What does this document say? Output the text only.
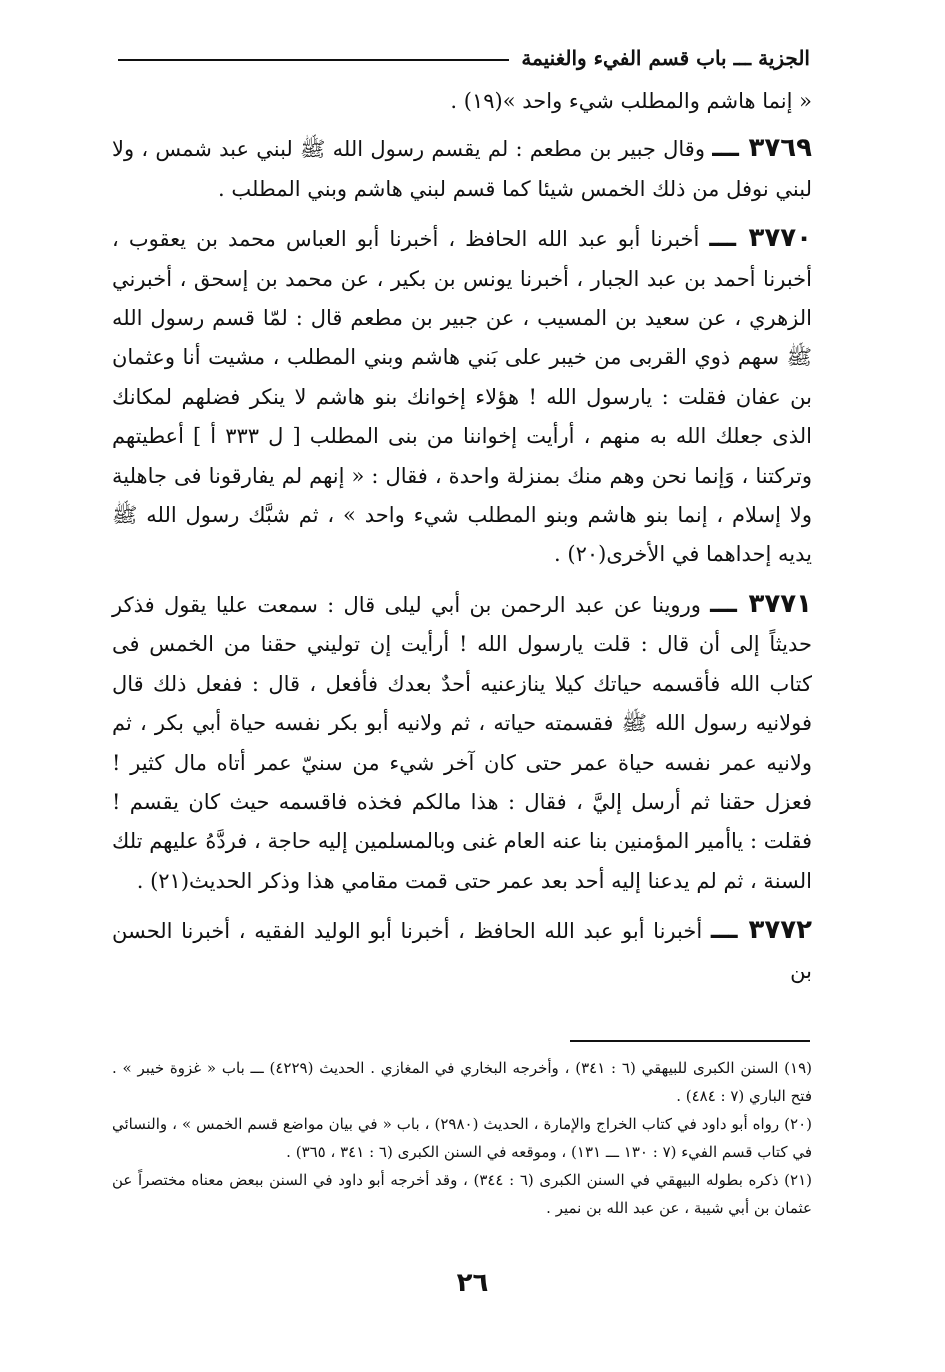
الجزية ـــ باب قسم الفيء والغنيمة

« إنما هاشم والمطلب شيء واحد »(١٩) .

٣٧٦٩ ـــ وقال جبير بن مطعم : لم يقسم رسول الله ﷺ لبني عبد شمس ، ولا لبني نوفل من ذلك الخمس شيئا كما قسم لبني هاشم وبني المطلب .

٣٧٧٠ ـــ أخبرنا أبو عبد الله الحافظ ، أخبرنا أبو العباس محمد بن يعقوب ، أخبرنا أحمد بن عبد الجبار ، أخبرنا يونس بن بكير ، عن محمد بن إسحق ، أخبرني الزهري ، عن سعيد بن المسيب ، عن جبير بن مطعم قال : لمّا قسم رسول الله ﷺ سهم ذوي القربى من خيبر على بَني هاشم وبني المطلب ، مشيت أنا وعثمان بن عفان فقلت : يارسول الله ! هؤلاء إخوانك بنو هاشم لا ينكر فضلهم لمكانك الذى جعلك الله به منهم ، أرأيت إخواننا من بنى المطلب [ ل ٣٣٣ أ ] أعطيتهم وتركتنا ، وَإنما نحن وهم منك بمنزلة واحدة ، فقال : « إنهم لم يفارقونا فى جاهلية ولا إسلام ، إنما بنو هاشم وبنو المطلب شيء واحد » ، ثم شبَّك رسول الله ﷺ يديه إحداهما في الأخرى(٢٠) .

٣٧٧١ ـــ وروينا عن عبد الرحمن بن أبي ليلى قال : سمعت عليا يقول فذكر حديثاً إلى أن قال : قلت يارسول الله ! أرأيت إن توليني حقنا من الخمس فى كتاب الله فأقسمه حياتك كيلا ينازعنيه أحدٌ بعدك فأفعل ، قال : ففعل ذلك قال فولانيه رسول الله ﷺ فقسمته حياته ، ثم ولانيه أبو بكر نفسه حياة أبي بكر ، ثم ولانيه عمر نفسه حياة عمر حتى كان آخر شيء من سنيّ عمر أتاه مال كثير ! فعزل حقنا ثم أرسل إليَّ ، فقال : هذا مالكم فخذه فاقسمه حيث كان يقسم ! فقلت : ياأمير المؤمنين بنا عنه العام غنى وبالمسلمين إليه حاجة ، فردَّهُ عليهم تلك السنة ، ثم لم يدعنا إليه أحد بعد عمر حتى قمت مقامي هذا وذكر الحديث(٢١) .

٣٧٧٢ ـــ أخبرنا أبو عبد الله الحافظ ، أخبرنا أبو الوليد الفقيه ، أخبرنا الحسن بن

(١٩) السنن الكبرى للبيهقي (٦ : ٣٤١) ، وأخرجه البخاري في المغازي . الحديث (٤٢٢٩) ـــ باب « غزوة خيبر » . فتح الباري (٧ : ٤٨٤) .

(٢٠) رواه أبو داود في كتاب الخراج والإمارة ، الحديث (٢٩٨٠) ، باب « في بيان مواضع قسم الخمس » ، والنسائي في كتاب قسم الفيء (٧ : ١٣٠ ـــ ١٣١) ، وموقعه في السنن الكبرى (٦ : ٣٤١ ، ٣٦٥) .

(٢١) ذكره بطوله البيهقي في السنن الكبرى (٦ : ٣٤٤) ، وقد أخرجه أبو داود في السنن ببعض معناه مختصراً عن عثمان بن أبي شيبة ، عن عبد الله بن نمير .

٢٦
